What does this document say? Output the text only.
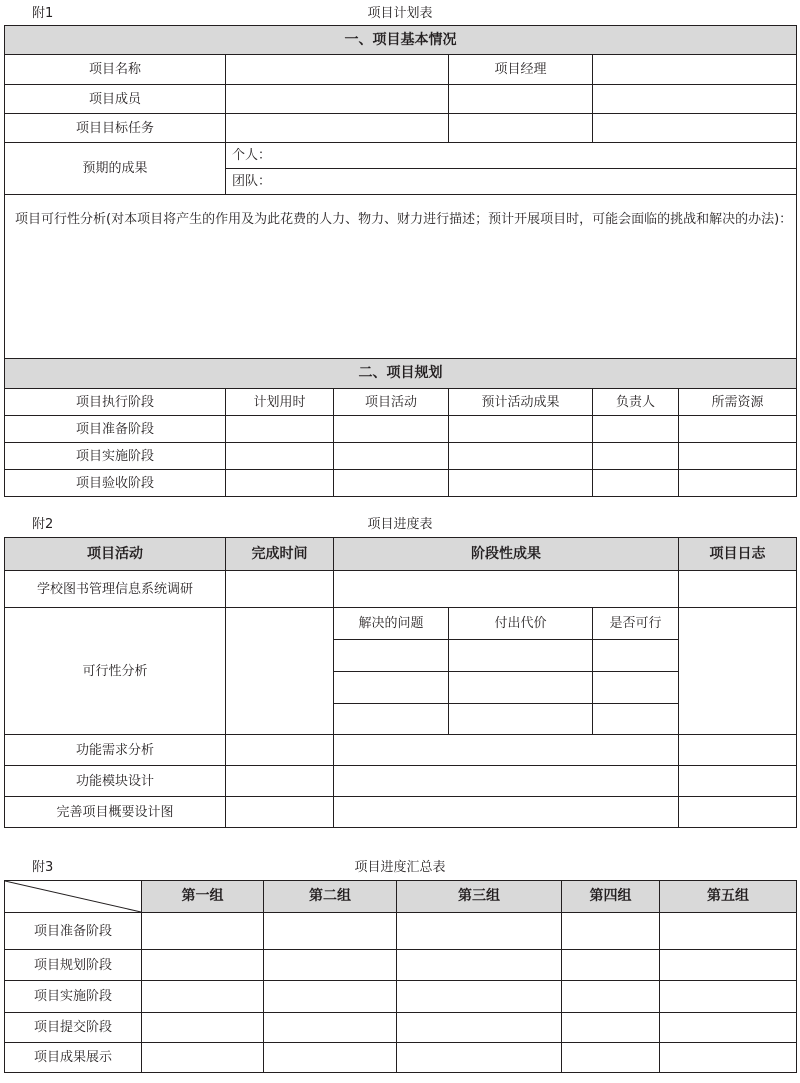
附1	项目计划表
一、项目基本情况					
项目名称			项目经理		
项目成员					
项目目标任务					
预期的成果	个人：				
	团队：				
项目可行性分析(对本项目将产生的作用及为此花费的人力、物力、财力进行描述；预计开展项目时，可能会面临的挑战和解决的办法)：					
二、项目规划					
项目执行阶段	计划用时	项目活动	预计活动成果	负责人	所需资源
项目准备阶段					
项目实施阶段					
项目验收阶段					
附2	项目进度表
项目活动	完成时间	阶段性成果			项目日志
学校图书管理信息系统调研					
可行性分析		解决的问题	付出代价	是否可行	

功能需求分析					
功能模块设计					
完善项目概要设计图					
附3	项目进度汇总表
	第一组	第二组	第三组	第四组	第五组
项目准备阶段					
项目规划阶段					
项目实施阶段					
项目提交阶段					
项目成果展示					
